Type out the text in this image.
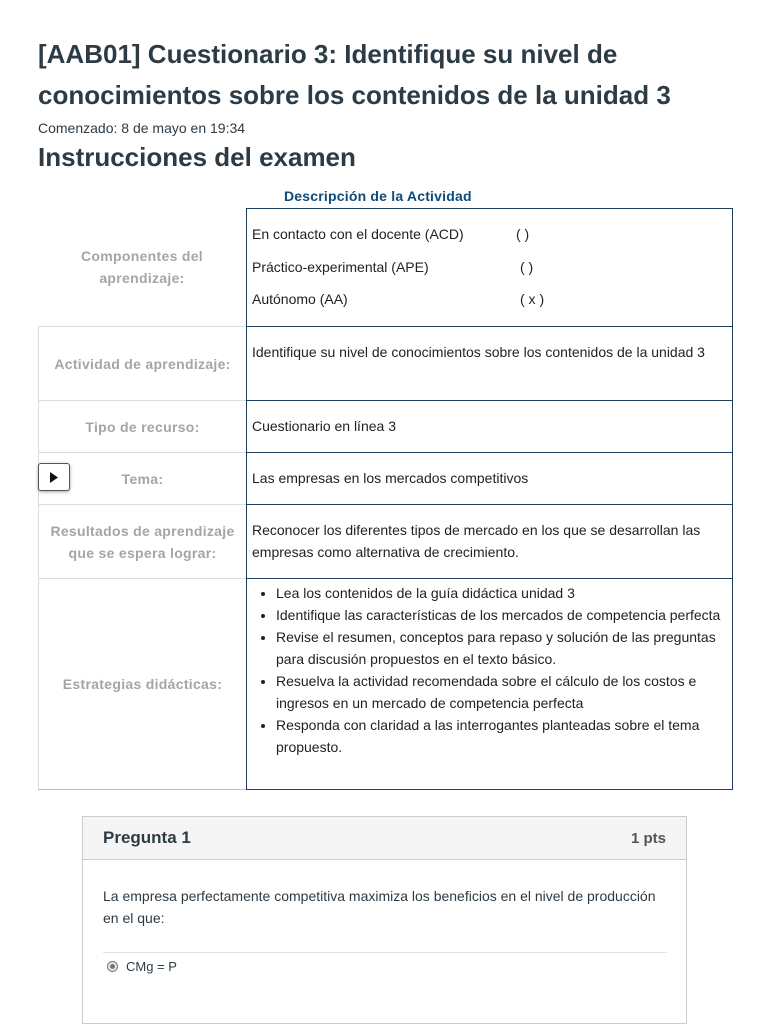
[AAB01] Cuestionario 3: Identifique su nivel de conocimientos sobre los contenidos de la unidad 3
Comenzado: 8 de mayo en 19:34
Instrucciones del examen
Descripción de la Actividad
Componentes del aprendizaje:
En contacto con el docente (ACD)	( )
Práctico-experimental (APE)	( )
Autónomo (AA)	( x )
Actividad de aprendizaje:
Identifique su nivel de conocimientos sobre los contenidos de la unidad 3
Tipo de recurso:	Cuestionario en línea 3
Tema:	Las empresas en los mercados competitivos
Resultados de aprendizaje que se espera lograr:
Reconocer los diferentes tipos de mercado en los que se desarrollan las empresas como alternativa de crecimiento.
Estrategias didácticas:
• Lea los contenidos de la guía didáctica unidad 3
• Identifique las características de los mercados de competencia perfecta
• Revise el resumen, conceptos para repaso y solución de las preguntas para discusión propuestos en el texto básico.
• Resuelva la actividad recomendada sobre el cálculo de los costos e ingresos en un mercado de competencia perfecta
• Responda con claridad a las interrogantes planteadas sobre el tema propuesto.
Pregunta 1	1 pts
La empresa perfectamente competitiva maximiza los beneficios en el nivel de producción en el que:
CMg = P
